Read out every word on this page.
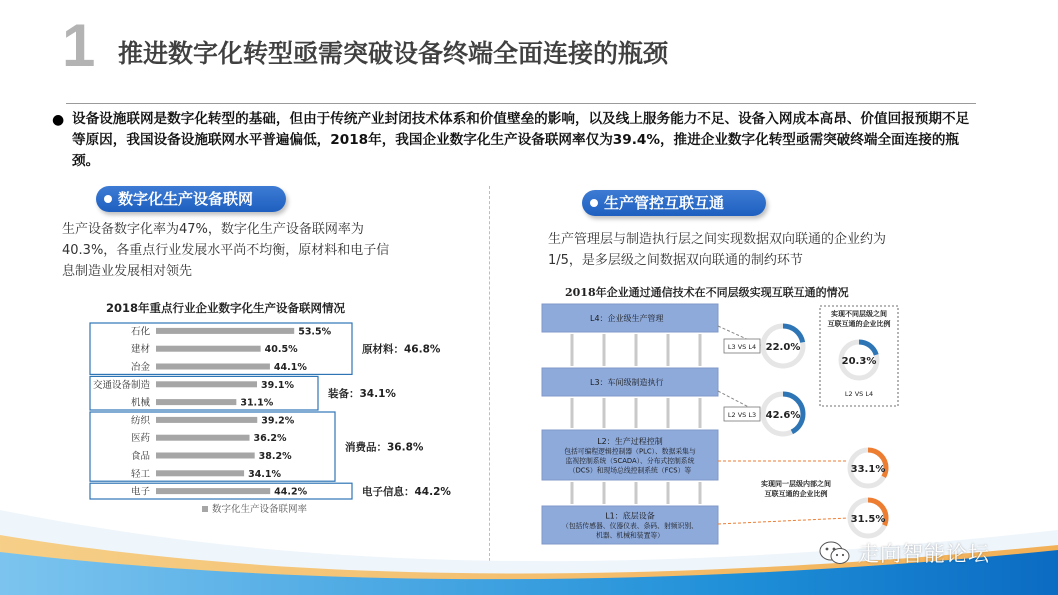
1 推进数字化转型亟需突破设备终端全面连接的瓶颈
● 设备设施联网是数字化转型的基础，但由于传统产业封闭技术体系和价值壁垒的影响，以及线上服务能力不足、设备入网成本高昂、价值回报预期不足等原因，我国设备设施联网水平普遍偏低，2018年，我国企业数字化生产设备联网率仅为39.4%，推进企业数字化转型亟需突破终端全面连接的瓶颈。
数字化生产设备联网	生产管控互联互通
生产设备数字化率为47%，数字化生产设备联网率为40.3%，各重点行业发展水平尚不均衡，原材料和电子信息制造业发展相对领先
生产管理层与制造执行层之间实现数据双向联通的企业约为1/5，是多层级之间数据双向联通的制约环节
2018年重点行业企业数字化生产设备联网情况
原材料：46.8%
装备：34.1%
消费品：36.8%
电子信息：44.2%
石化	53.5%
建材	40.5%
冶金	44.1%
交通设备制造	39.1%
机械	31.1%
纺织	39.2%
医药	36.2%
食品	38.2%
轻工	34.1%
电子	44.2%
数字化生产设备联网率
2018年企业通过通信技术在不同层级实现互联互通的情况
L4：企业级生产管理
L3：车间级制造执行
L2：生产过程控制
包括可编程逻辑控制器（PLC）、数据采集与
监视控制系统（SCADA）、分布式控制系统
（DCS）和现场总线控制系统（FCS）等
L1：底层设备
（包括传感器、仪器仪表、条码、射频识别、
机器、机械和装置等）
L3 VS L4 22.0%
L2 VS L3 42.6%
实现不同层级之间
互联互通的企业比例
20.3%
L2 VS L4
实现同一层级内部之间
互联互通的企业比例
33.1%
31.5%
走向智能论坛
